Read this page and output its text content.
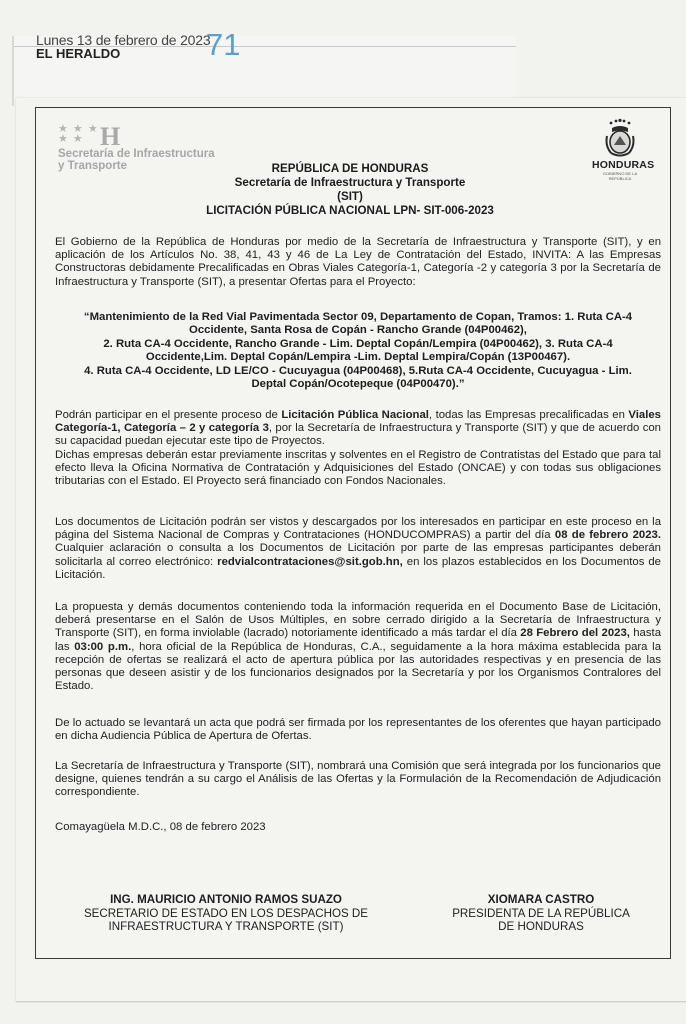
Lunes 13 de febrero de 2023
EL HERALDO	71
★ ★ ★
★ ★ H
Secretaría de Infraestructura
y Transporte	HONDURAS
GOBIERNO DE LA REPÚBLICA
REPÚBLICA DE HONDURAS
Secretaría de Infraestructura y Transporte
(SIT)
LICITACIÓN PÚBLICA NACIONAL LPN- SIT-006-2023

El Gobierno de la República de Honduras por medio de la Secretaría de Infraestructura y Transporte (SIT), y en aplicación de los Artículos No. 38, 41, 43 y 46 de La Ley de Contratación del Estado, INVITA: A las Empresas Constructoras debidamente Precalificadas en Obras Viales Categoría-1, Categoría -2 y categoría 3 por la Secretaría de Infraestructura y Transporte (SIT), a presentar Ofertas para el Proyecto:

“Mantenimiento de la Red Vial Pavimentada Sector 09, Departamento de Copan, Tramos: 1. Ruta CA-4
Occidente, Santa Rosa de Copán - Rancho Grande (04P00462),
2. Ruta CA-4 Occidente, Rancho Grande - Lim. Deptal Copán/Lempira (04P00462), 3. Ruta CA-4
Occidente,Lim. Deptal Copán/Lempira -Lim. Deptal Lempira/Copán (13P00467).
4. Ruta CA-4 Occidente, LD LE/CO - Cucuyagua (04P00468), 5.Ruta CA-4 Occidente, Cucuyagua - Lim.
Deptal Copán/Ocotepeque (04P00470).”

Podrán participar en el presente proceso de Licitación Pública Nacional, todas las Empresas precalificadas en Viales Categoría-1, Categoría – 2 y categoría 3, por la Secretaría de Infraestructura y Transporte (SIT) y que de acuerdo con su capacidad puedan ejecutar este tipo de Proyectos.
Dichas empresas deberán estar previamente inscritas y solventes en el Registro de Contratistas del Estado que para tal efecto lleva la Oficina Normativa de Contratación y Adquisiciones del Estado (ONCAE) y con todas sus obligaciones tributarias con el Estado. El Proyecto será financiado con Fondos Nacionales.

Los documentos de Licitación podrán ser vistos y descargados por los interesados en participar en este proceso en la página del Sistema Nacional de Compras y Contrataciones (HONDUCOMPRAS) a partir del día 08 de febrero 2023. Cualquier aclaración o consulta a los Documentos de Licitación por parte de las empresas participantes deberán solicitarla al correo electrónico: redvialcontrataciones@sit.gob.hn, en los plazos establecidos en los Documentos de Licitación.

La propuesta y demás documentos conteniendo toda la información requerida en el Documento Base de Licitación, deberá presentarse en el Salón de Usos Múltiples, en sobre cerrado dirigido a la Secretaría de Infraestructura y Transporte (SIT), en forma inviolable (lacrado) notoriamente identificado a más tardar el día 28 Febrero del 2023, hasta las 03:00 p.m., hora oficial de la República de Honduras, C.A., seguidamente a la hora máxima establecida para la recepción de ofertas se realizará el acto de apertura pública por las autoridades respectivas y en presencia de las personas que deseen asistir y de los funcionarios designados por la Secretaría y por los Organismos Contralores del Estado.

De lo actuado se levantará un acta que podrá ser firmada por los representantes de los oferentes que hayan participado en dicha Audiencia Pública de Apertura de Ofertas.

La Secretaría de Infraestructura y Transporte (SIT), nombrará una Comisión que será integrada por los funcionarios que designe, quienes tendrán a su cargo el Análisis de las Ofertas y la Formulación de la Recomendación de Adjudicación correspondiente.

Comayagüela M.D.C., 08 de febrero 2023

ING. MAURICIO ANTONIO RAMOS SUAZO
SECRETARIO DE ESTADO EN LOS DESPACHOS DE
INFRAESTRUCTURA Y TRANSPORTE (SIT)
XIOMARA CASTRO
PRESIDENTA DE LA REPÚBLICA
DE HONDURAS
